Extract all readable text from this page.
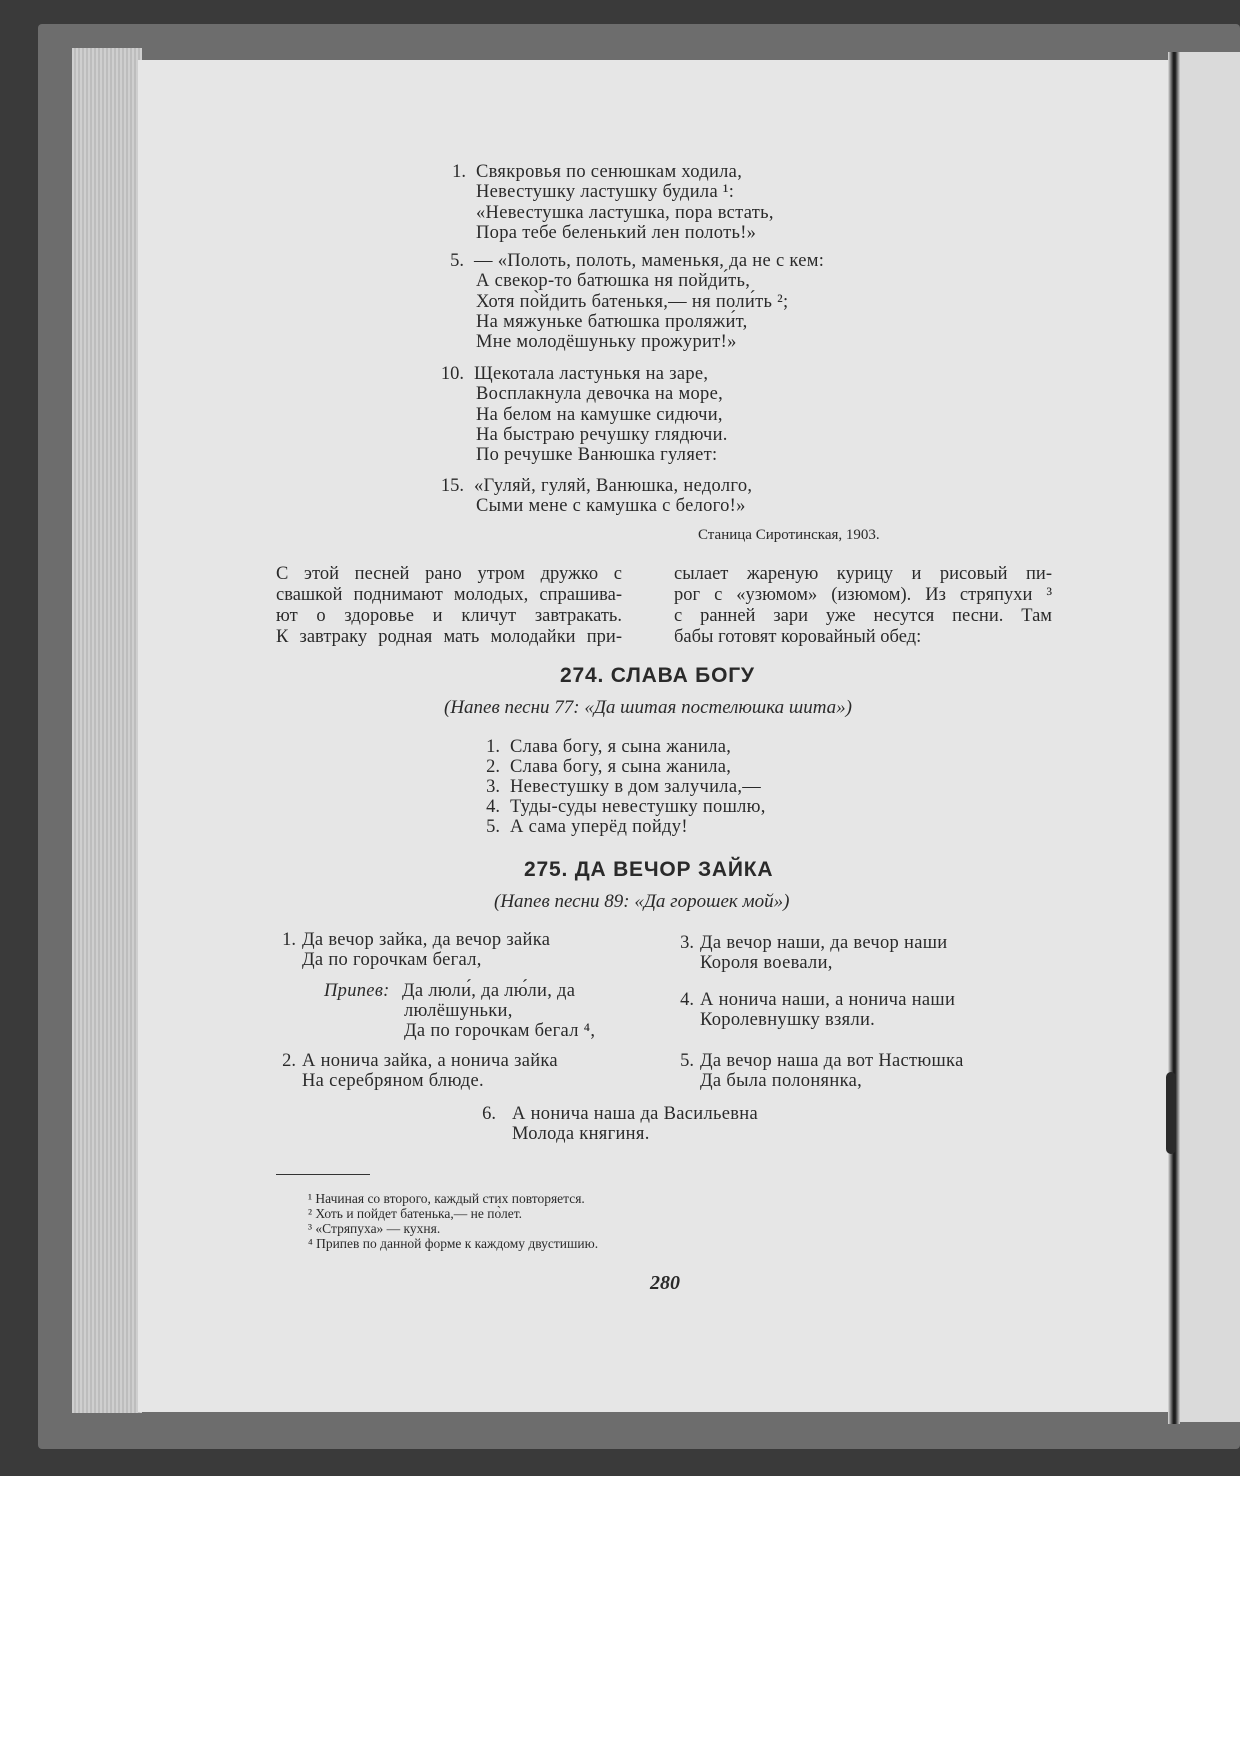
1. Свякровья по сенюшкам ходила,
Невестушку ластушку будила ¹:
«Невестушка ластушка, пора встать,
Пора тебе беленький лен полоть!»
5. — «Полоть, полоть, маменькя, да не с кем:
А свекор-то батюшка ня пойди́ть,
Хотя по̀йдить батенькя,— ня поли́ть ²;
На мяжуньке батюшка проляжи́т,
Мне молодёшуньку прожурит!»
10. Щекотала ластунькя на заре,
Восплакнула девочка на море,
На белом на камушке сидючи,
На быстраю речушку глядючи.
По речушке Ванюшка гуляет:
15. «Гуляй, гуляй, Ванюшка, недолго,
Сыми мене с камушка с белого!»
Станица Сиротинская, 1903.
С этой песней рано утром дружко с
свашкой поднимают молодых, спрашива-
ют о здоровье и кличут завтракать.
К завтраку родная мать молодайки при-
сылает жареную курицу и рисовый пи-
рог с «узюмом» (изюмом). Из стряпухи ³
с ранней зари уже несутся песни. Там
бабы готовят коровайный обед:
274. СЛАВА БОГУ
(Напев песни 77: «Да шитая постелюшка шита»)
1. Слава богу, я сына жанила,
2. Слава богу, я сына жанила,
3. Невестушку в дом залучила,—
4. Туды-суды невестушку пошлю,
5. А сама уперёд пойду!
275. ДА ВЕЧОР ЗАЙКА
(Напев песни 89: «Да горошек мой»)
1. Да вечор зайка, да вечор зайка
Да по горочкам бегал,
Припев: Да люли́, да лю́ли, да
люлёшуньки,
Да по горочкам бегал ⁴,
2. А нонича зайка, а нонича зайка
На серебряном блюде.
3. Да вечор наши, да вечор наши
Короля воевали,
4. А нонича наши, а нонича наши
Королевнушку взяли.
5. Да вечор наша да вот Настюшка
Да была полонянка,
6. А нонича наша да Васильевна
Молода княгиня.
¹ Начиная со второго, каждый стих повторяется.
² Хоть и пойдет батенька,— не по̀лет.
³ «Стряпуха» — кухня.
⁴ Припев по данной форме к каждому двустишию.
280
